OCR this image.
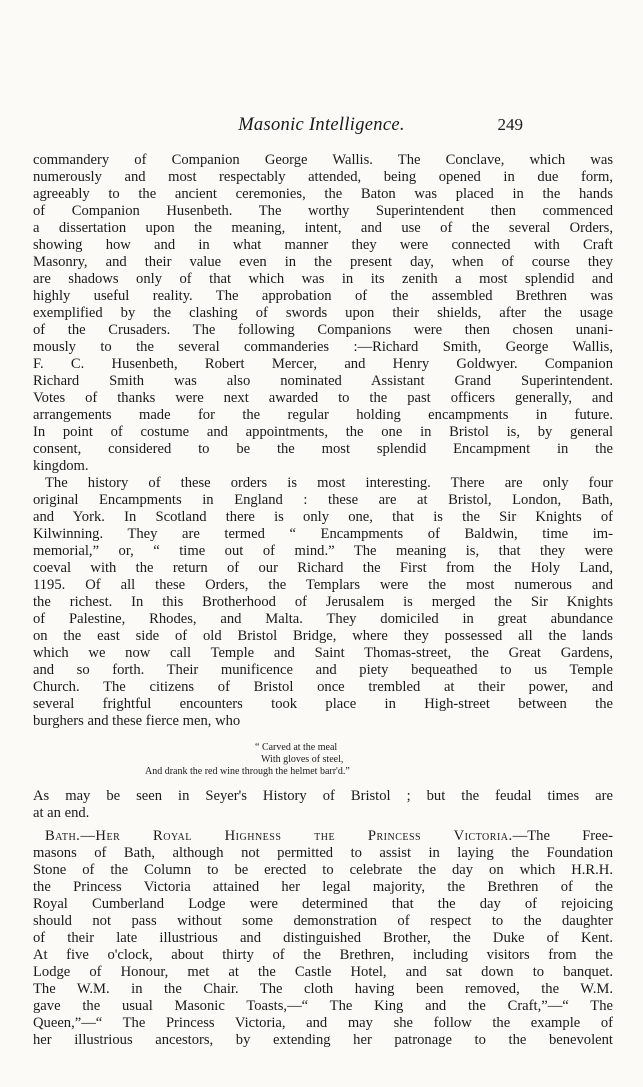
Masonic Intelligence.	249
commandery of Companion George Wallis. The Conclave, which was
numerously and most respectably attended, being opened in due form,
agreeably to the ancient ceremonies, the Baton was placed in the hands
of Companion Husenbeth. The worthy Superintendent then commenced
a dissertation upon the meaning, intent, and use of the several Orders,
showing how and in what manner they were connected with Craft
Masonry, and their value even in the present day, when of course they
are shadows only of that which was in its zenith a most splendid and
highly useful reality. The approbation of the assembled Brethren was
exemplified by the clashing of swords upon their shields, after the usage
of the Crusaders. The following Companions were then chosen unani-
mously to the several commanderies :—Richard Smith, George Wallis,
F. C. Husenbeth, Robert Mercer, and Henry Goldwyer. Companion
Richard Smith was also nominated Assistant Grand Superintendent.
Votes of thanks were next awarded to the past officers generally, and
arrangements made for the regular holding encampments in future.
In point of costume and appointments, the one in Bristol is, by general
consent, considered to be the most splendid Encampment in the
kingdom.
The history of these orders is most interesting. There are only four
original Encampments in England : these are at Bristol, London, Bath,
and York. In Scotland there is only one, that is the Sir Knights of
Kilwinning. They are termed “ Encampments of Baldwin, time im-
memorial,” or, “ time out of mind.” The meaning is, that they were
coeval with the return of our Richard the First from the Holy Land,
1195. Of all these Orders, the Templars were the most numerous and
the richest. In this Brotherhood of Jerusalem is merged the Sir Knights
of Palestine, Rhodes, and Malta. They domiciled in great abundance
on the east side of old Bristol Bridge, where they possessed all the lands
which we now call Temple and Saint Thomas-street, the Great Gardens,
and so forth. Their munificence and piety bequeathed to us Temple
Church. The citizens of Bristol once trembled at their power, and
several frightful encounters took place in High-street between the
burghers and these fierce men, who
“ Carved at the meal
With gloves of steel,
And drank the red wine through the helmet barr'd.”
As may be seen in Seyer's History of Bristol ; but the feudal times are
at an end.
Bath.—Her Royal Highness the Princess Victoria.—The Free-
masons of Bath, although not permitted to assist in laying the Foundation
Stone of the Column to be erected to celebrate the day on which H.R.H.
the Princess Victoria attained her legal majority, the Brethren of the
Royal Cumberland Lodge were determined that the day of rejoicing
should not pass without some demonstration of respect to the daughter
of their late illustrious and distinguished Brother, the Duke of Kent.
At five o'clock, about thirty of the Brethren, including visitors from the
Lodge of Honour, met at the Castle Hotel, and sat down to banquet.
The W.M. in the Chair. The cloth having been removed, the W.M.
gave the usual Masonic Toasts,—“ The King and the Craft,”—“ The
Queen,”—“ The Princess Victoria, and may she follow the example of
her illustrious ancestors, by extending her patronage to the benevolent
